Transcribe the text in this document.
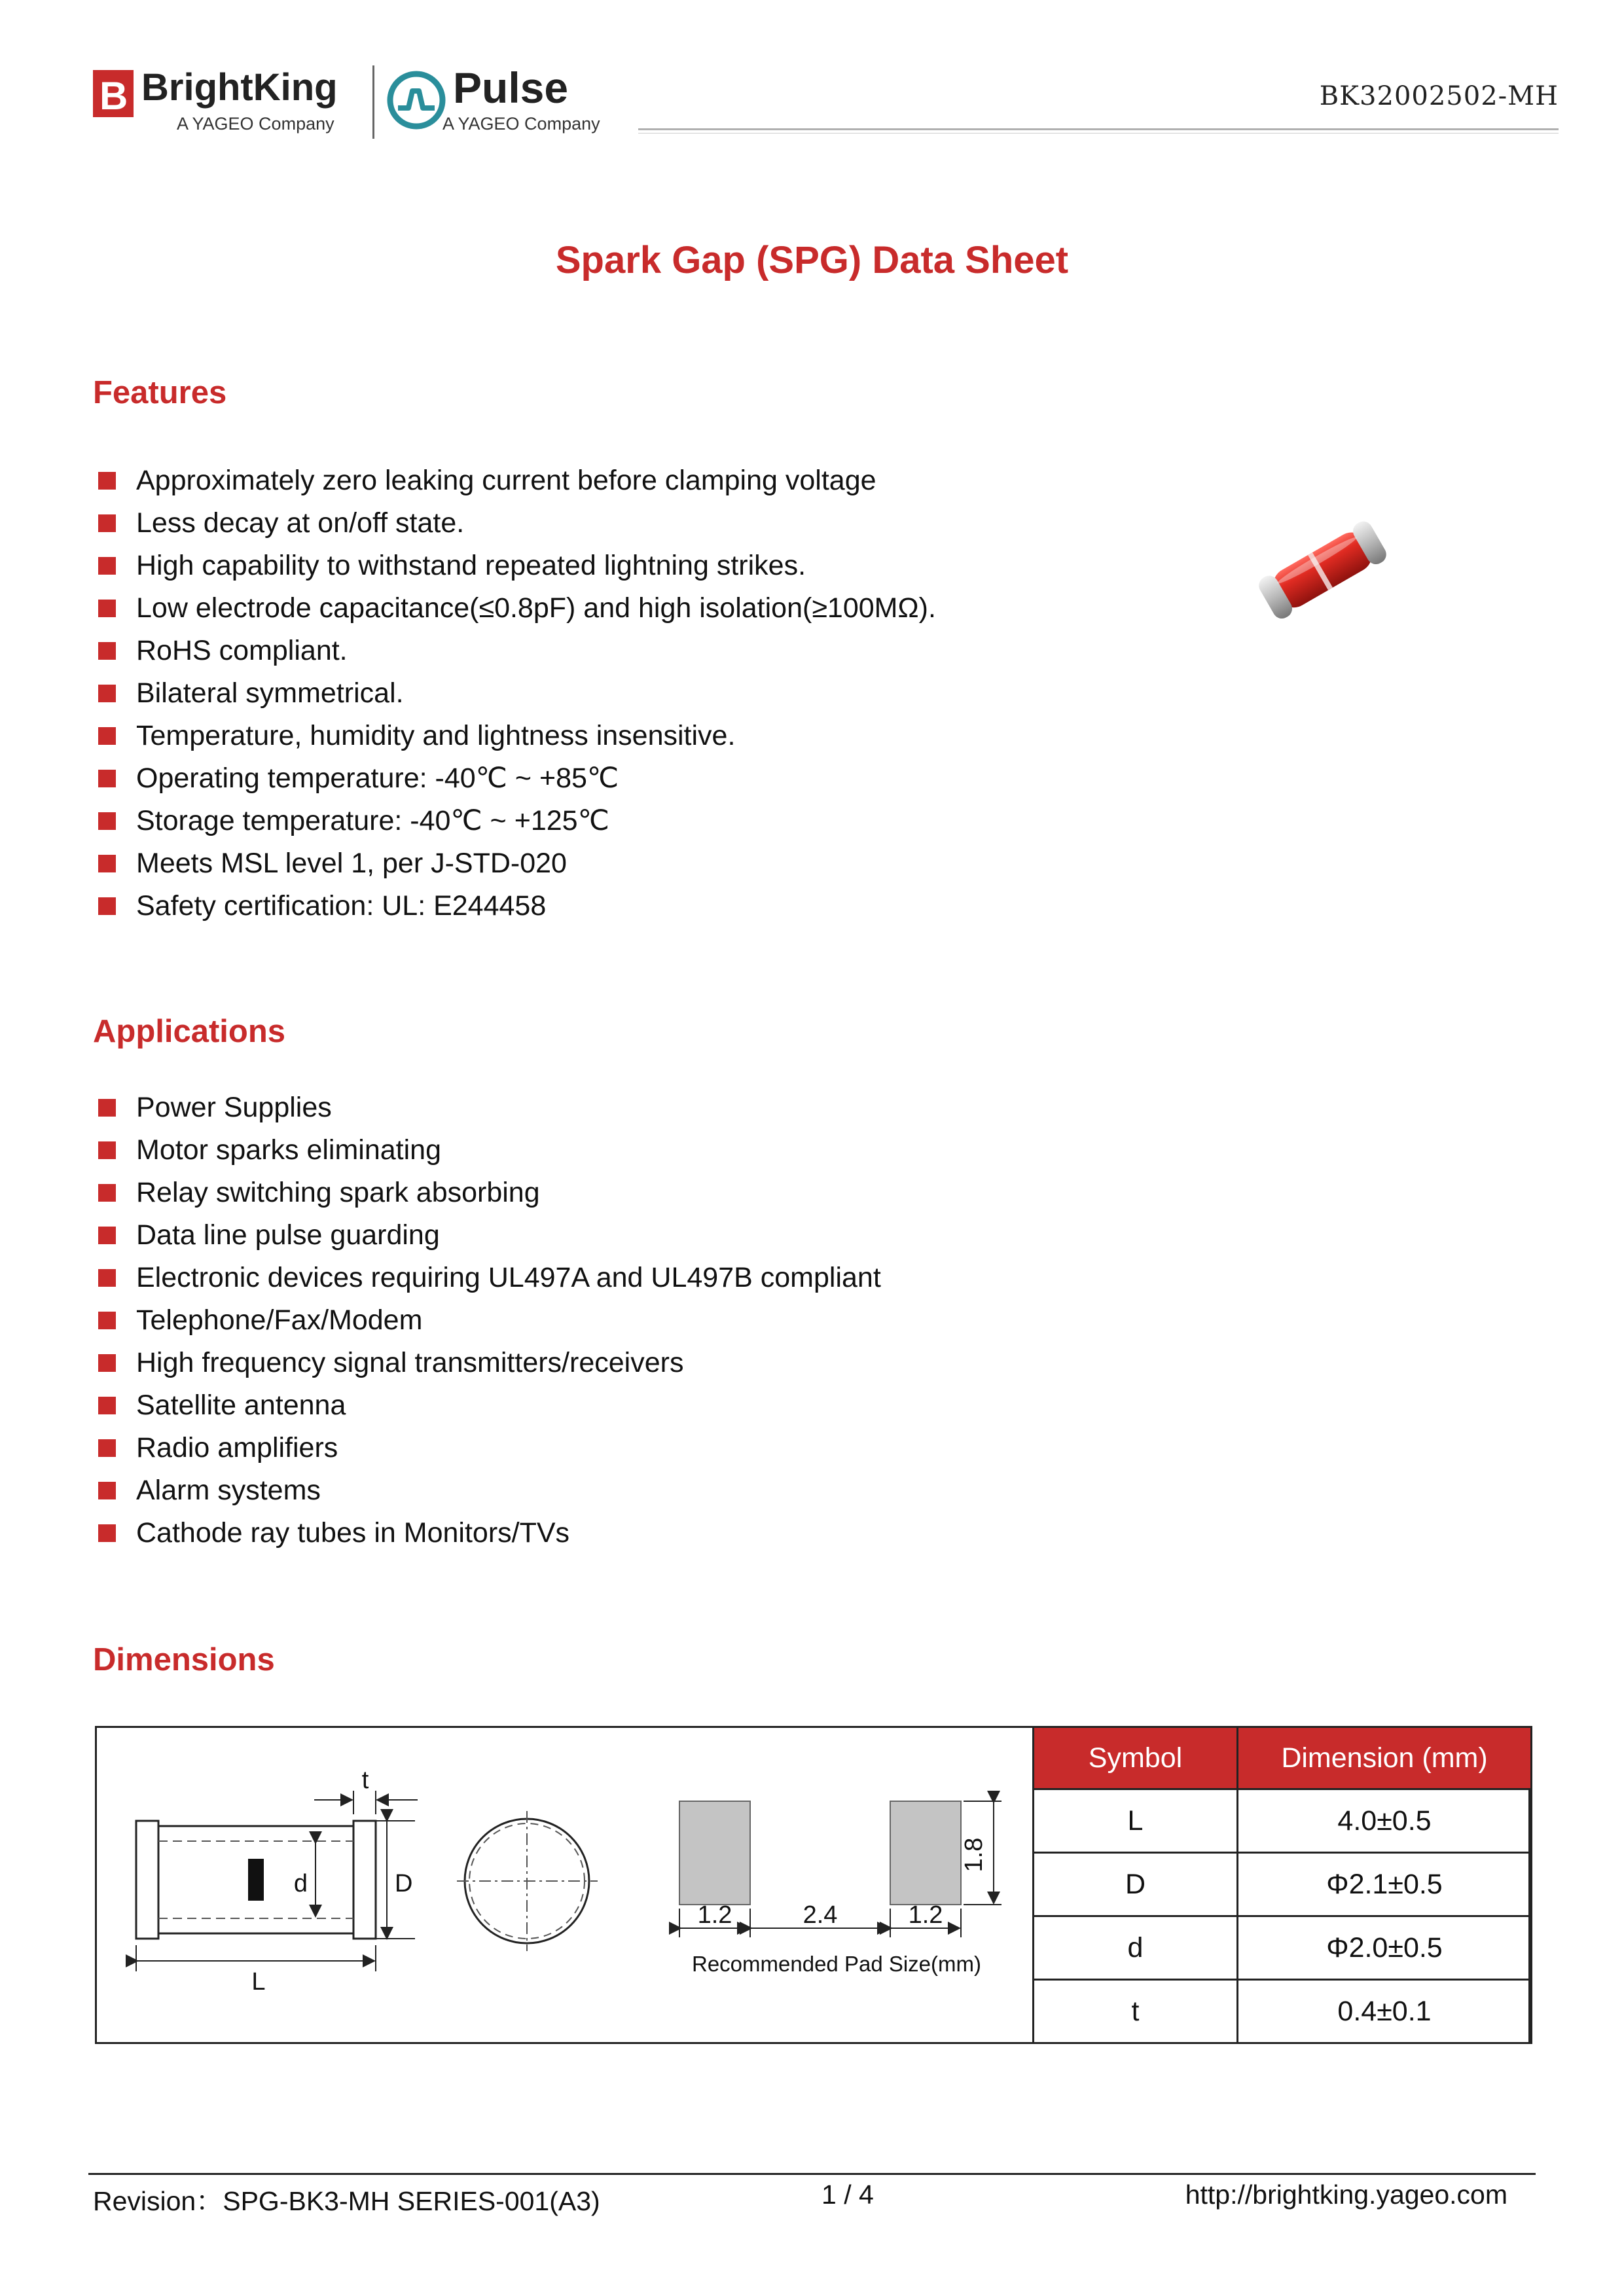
B BrightKing
A YAGEO Company
Pulse
A YAGEO Company
BK32002502-MH
Spark Gap (SPG) Data Sheet
Features
Approximately zero leaking current before clamping voltage
Less decay at on/off state.
High capability to withstand repeated lightning strikes.
Low electrode capacitance(≤0.8pF) and high isolation(≥100MΩ).
RoHS compliant.
Bilateral symmetrical.
Temperature, humidity and lightness insensitive.
Operating temperature: -40℃ ~ +85℃
Storage temperature: -40℃ ~ +125℃
Meets MSL level 1, per J-STD-020
Safety certification: UL: E244458
Applications
Power Supplies
Motor sparks eliminating
Relay switching spark absorbing
Data line pulse guarding
Electronic devices requiring UL497A and UL497B compliant
Telephone/Fax/Modem
High frequency signal transmitters/receivers
Satellite antenna
Radio amplifiers
Alarm systems
Cathode ray tubes in Monitors/TVs
Dimensions
d	D
t
L
1.8
1.2	2.4	1.2
Recommended Pad Size(mm)
Symbol	Dimension (mm)
L	4.0±0.5
D	Φ2.1±0.5
d	Φ2.0±0.5
t	0.4±0.1
Revision：SPG-BK3-MH SERIES-001(A3)	1 / 4	http://brightking.yageo.com
